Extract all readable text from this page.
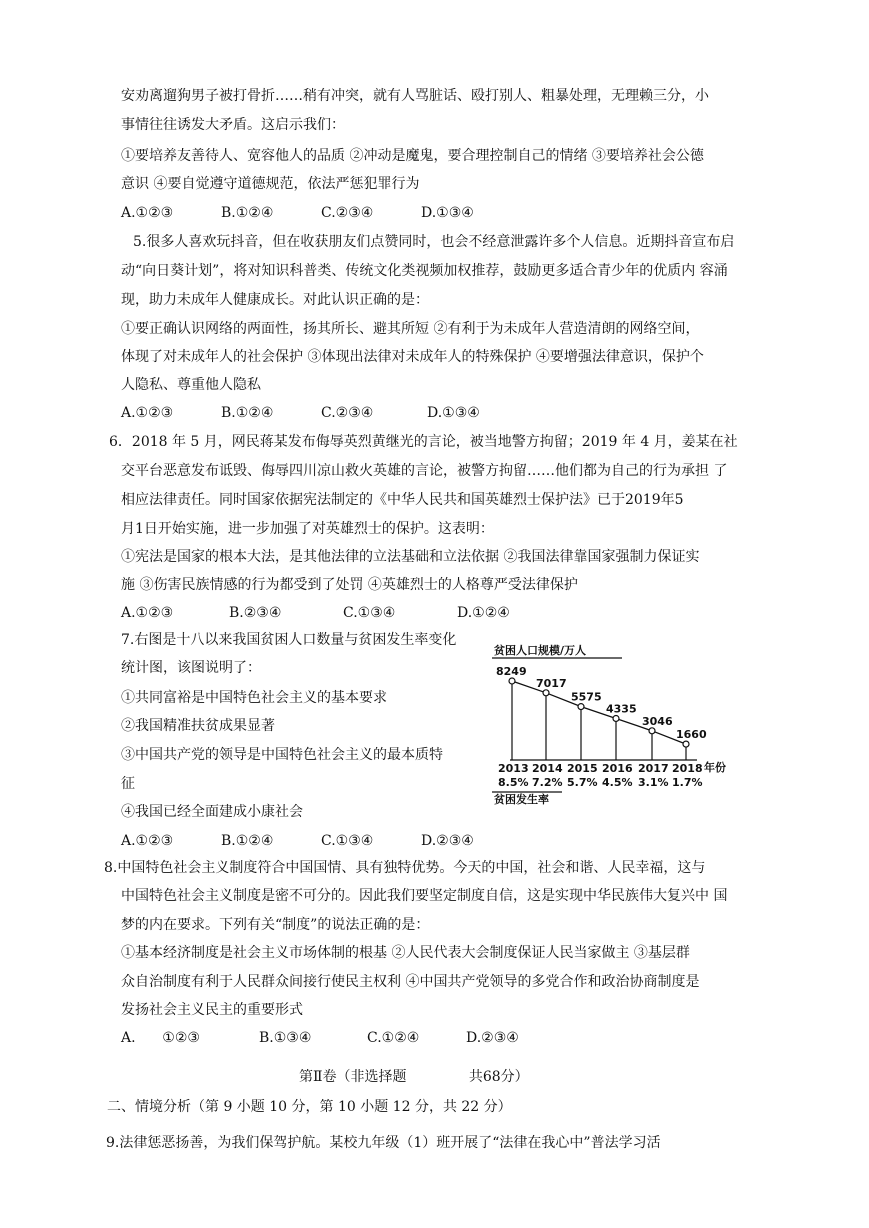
安劝离遛狗男子被打骨折……稍有冲突，就有人骂脏话、殴打别人、粗暴处理，无理赖三分，小
事情往往诱发大矛盾。这启示我们：
①要培养友善待人、宽容他人的品质 ②冲动是魔鬼，要合理控制自己的情绪 ③要培养社会公德
意识 ④要自觉遵守道德规范，依法严惩犯罪行为
A.①②③	B.①②④	C.②③④	D.①③④
5.很多人喜欢玩抖音，但在收获朋友们点赞同时，也会不经意泄露许多个人信息。近期抖音宣布启
动“向日葵计划”，将对知识科普类、传统文化类视频加权推荐，鼓励更多适合青少年的优质内 容涌
现，助力未成年人健康成长。对此认识正确的是：
①要正确认识网络的两面性，扬其所长、避其所短 ②有利于为未成年人营造清朗的网络空间，
体现了对未成年人的社会保护 ③体现出法律对未成年人的特殊保护 ④要增强法律意识，保护个
人隐私、尊重他人隐私
A.①②③	B.①②④	C.②③④	D.①③④
6．2018 年 5 月，网民蒋某发布侮辱英烈黄继光的言论，被当地警方拘留；2019 年 4 月，姜某在社
交平台恶意发布诋毁、侮辱四川凉山救火英雄的言论，被警方拘留……他们都为自己的行为承担 了
相应法律责任。同时国家依据宪法制定的《中华人民共和国英雄烈士保护法》已于2019年5
月1日开始实施，进一步加强了对英雄烈士的保护。这表明：
①宪法是国家的根本大法，是其他法律的立法基础和立法依据 ②我国法律靠国家强制力保证实
施 ③伤害民族情感的行为都受到了处罚 ④英雄烈士的人格尊严受法律保护
A.①②③	B.②③④	C.①③④	D.①②④
7.右图是十八以来我国贫困人口数量与贫困发生率变化
统计图，该图说明了：
①共同富裕是中国特色社会主义的基本要求
②我国精准扶贫成果显著
③中国共产党的领导是中国特色社会主义的最本质特
征
④我国已经全面建成小康社会
A.①②③	B.①②④	C.①③④	D.②③④
贫困人口规模/万人
年份
贫困发生率
8249
2013
8.5%
7017
2014
7.2%
5575
2015
5.7%
4335
2016
4.5%
3046
2017
3.1%
1660
2018
1.7%
8.中国特色社会主义制度符合中国国情、具有独特优势。今天的中国，社会和谐、人民幸福，这与
中国特色社会主义制度是密不可分的。因此我们要坚定制度自信，这是实现中华民族伟大复兴中 国
梦的内在要求。下列有关“制度”的说法正确的是：
①基本经济制度是社会主义市场体制的根基 ②人民代表大会制度保证人民当家做主 ③基层群
众自治制度有利于人民群众间接行使民主权利 ④中国共产党领导的多党合作和政治协商制度是
发扬社会主义民主的重要形式
A.      ①②③	B.①③④	C.①②④	D.②③④
第Ⅱ卷（非选择题              共68分）
二、情境分析（第 9 小题 10 分，第 10 小题 12 分，共 22 分）
9.法律惩恶扬善，为我们保驾护航。某校九年级（1）班开展了“法律在我心中”普法学习活
